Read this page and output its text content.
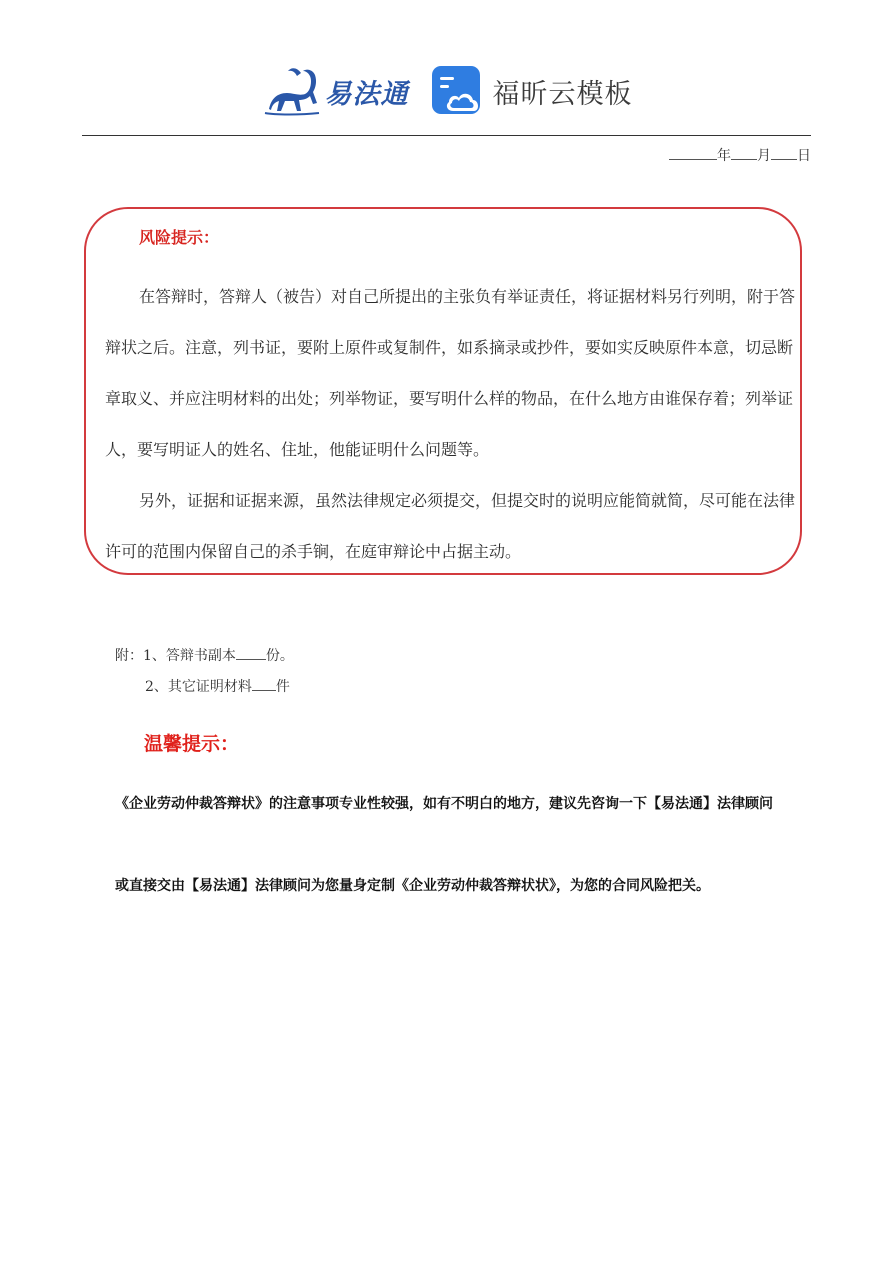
易法通	福昕云模板
年 月 日
风险提示：

在答辩时，答辩人（被告）对自己所提出的主张负有举证责任，将证据材料另行列明，附于答辩状之后。注意，列书证，要附上原件或复制件，如系摘录或抄件，要如实反映原件本意，切忌断章取义、并应注明材料的出处；列举物证，要写明什么样的物品，在什么地方由谁保存着；列举证人，要写明证人的姓名、住址，他能证明什么问题等。

另外，证据和证据来源，虽然法律规定必须提交，但提交时的说明应能简就简，尽可能在法律许可的范围内保留自己的杀手锏，在庭审辩论中占据主动。

附：1、答辩书副本 份。
2、其它证明材料 件
温馨提示：

《企业劳动仲裁答辩状》的注意事项专业性较强，如有不明白的地方，建议先咨询一下【易法通】法律顾问

或直接交由【易法通】法律顾问为您量身定制《企业劳动仲裁答辩状状》，为您的合同风险把关。
